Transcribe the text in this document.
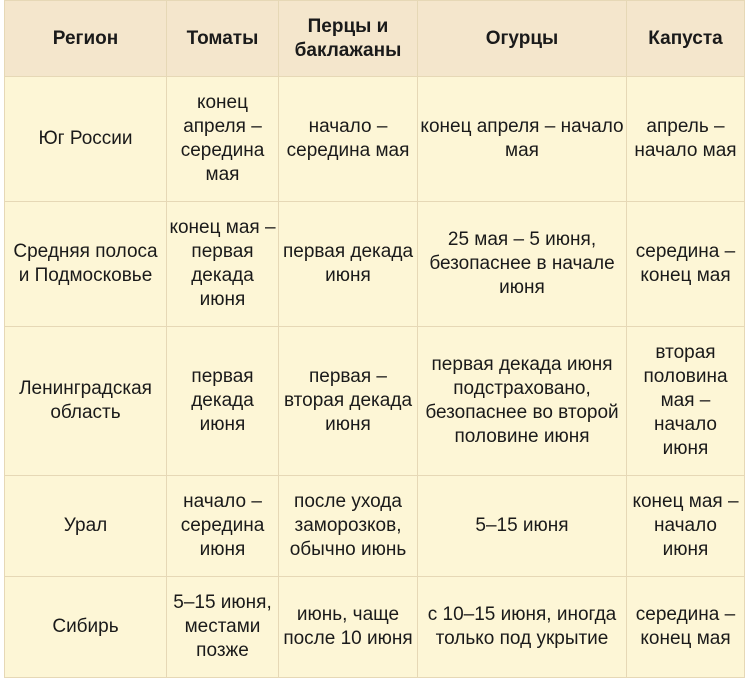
Регион	Томаты	Перцы и баклажаны	Огурцы	Капуста
Юг России	конец апреля – середина мая	начало – середина мая	конец апреля – начало мая	апрель – начало мая
Средняя полоса и Подмосковье	конец мая – первая декада июня	первая декада июня	25 мая – 5 июня, безопаснее в начале июня	середина – конец мая
Ленинградская область	первая декада июня	первая – вторая декада июня	первая декада июня подстраховано, безопаснее во второй половине июня	вторая половина мая – начало июня
Урал	начало – середина июня	после ухода заморозков, обычно июнь	5–15 июня	конец мая – начало июня
Сибирь	5–15 июня, местами позже	июнь, чаще после 10 июня	с 10–15 июня, иногда только под укрытие	середина – конец мая
